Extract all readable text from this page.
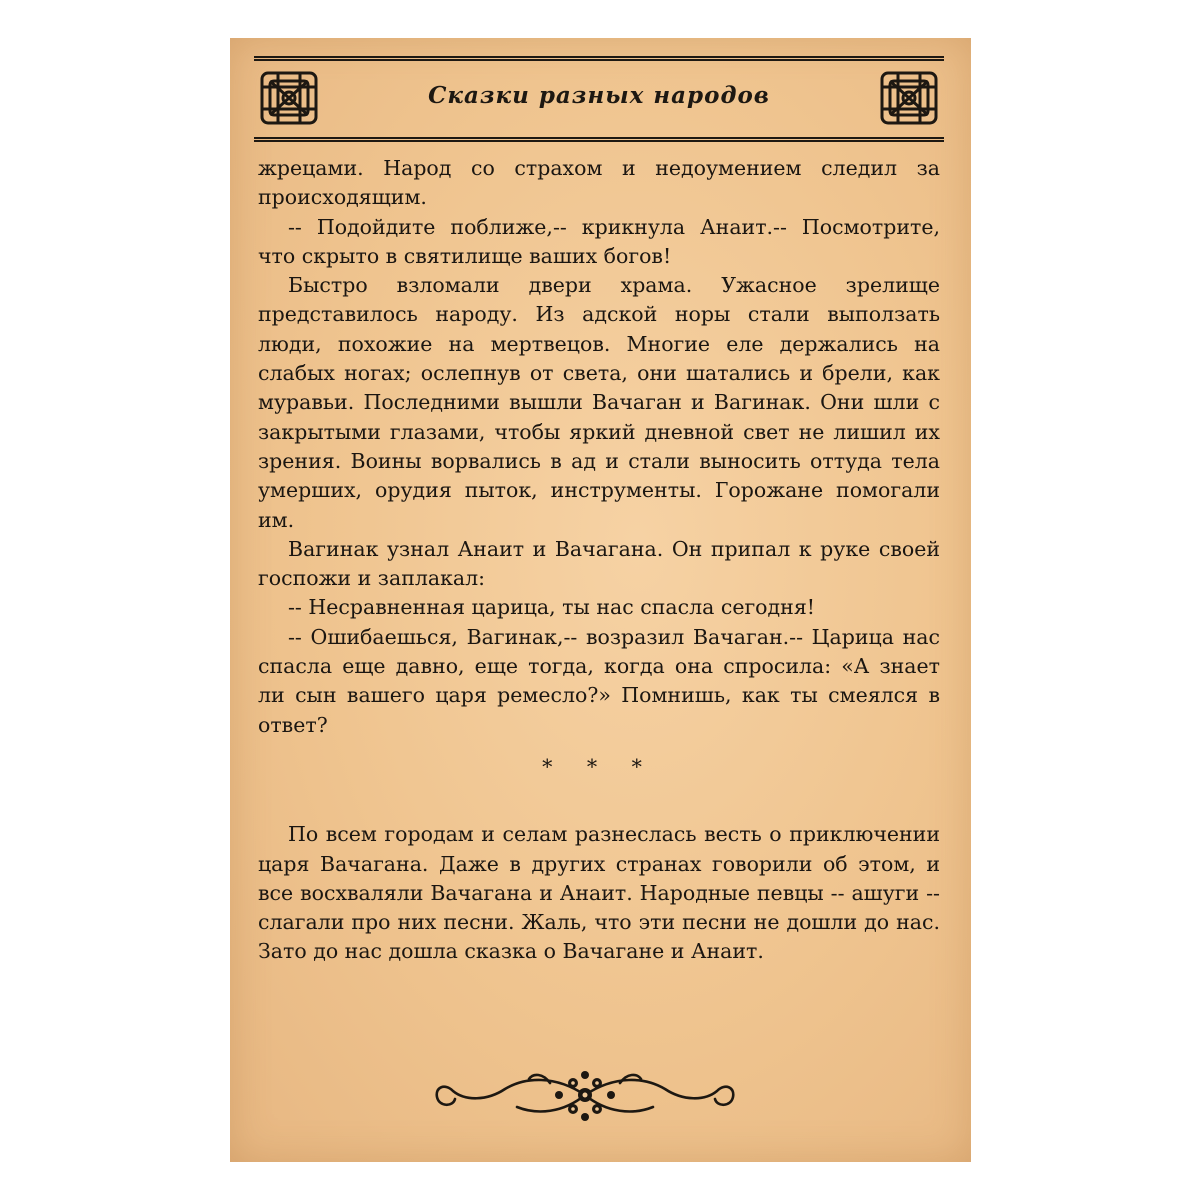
Сказки разных народов

жрецами. Народ со страхом и недоумением следил за происходящим.

-- Подойдите поближе,-- крикнула Анаит.-- Посмотрите, что скрыто в святилище ваших богов!

Быстро взломали двери храма. Ужасное зрелище представилось народу. Из адской норы стали выползать люди, похожие на мертвецов. Многие еле держались на слабых ногах; ослепнув от света, они шатались и брели, как муравьи. Последними вышли Вачаган и Вагинак. Они шли с закрытыми глазами, чтобы яркий дневной свет не лишил их зрения. Воины ворвались в ад и стали выносить оттуда тела умерших, орудия пыток, инструменты. Горожане помогали им.

Вагинак узнал Анаит и Вачагана. Он припал к руке своей госпожи и заплакал:

-- Несравненная царица, ты нас спасла сегодня!

-- Ошибаешься, Вагинак,-- возразил Вачаган.-- Царица нас спасла еще давно, еще тогда, когда она спросила: «А знает ли сын вашего царя ремесло?» Помнишь, как ты смеялся в ответ?

* * *

По всем городам и селам разнеслась весть о приключении царя Вачагана. Даже в других странах говорили об этом, и все восхваляли Вачагана и Анаит. Народные певцы -- ашуги -- слагали про них песни. Жаль, что эти песни не дошли до нас. Зато до нас дошла сказка о Вачагане и Анаит.
